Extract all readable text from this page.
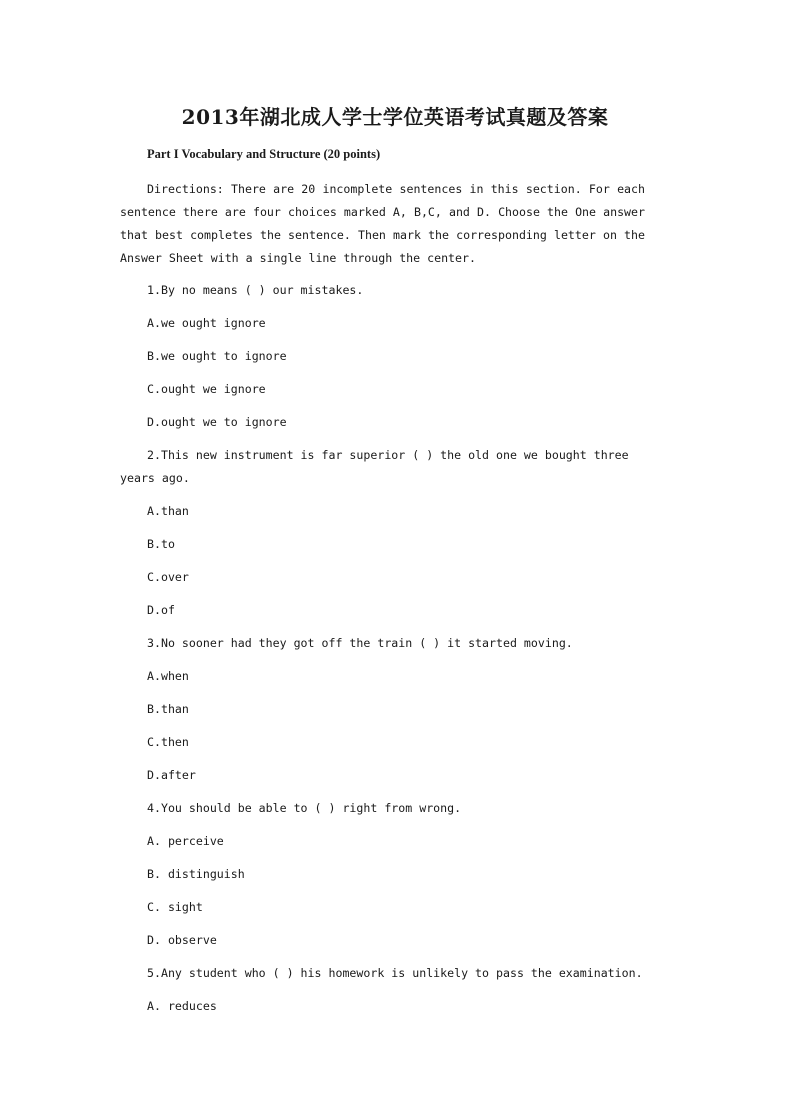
2013年湖北成人学士学位英语考试真题及答案
Part I Vocabulary and Structure (20 points)

Directions: There are 20 incomplete sentences in this section. For each sentence there are four choices marked A, B,C, and D. Choose the One answer that best completes the sentence. Then mark the corresponding letter on the Answer Sheet with a single line through the center.

1.By no means ( ) our mistakes.
A.we ought ignore
B.we ought to ignore
C.ought we ignore
D.ought we to ignore

2.This new instrument is far superior ( ) the old one we bought three years ago.

A.than
B.to
C.over
D.of
3.No sooner had they got off the train ( ) it started moving.
A.when
B.than
C.then
D.after
4.You should be able to ( ) right from wrong.
A. perceive
B. distinguish
C. sight
D. observe
5.Any student who ( ) his homework is unlikely to pass the examination.
A. reduces
